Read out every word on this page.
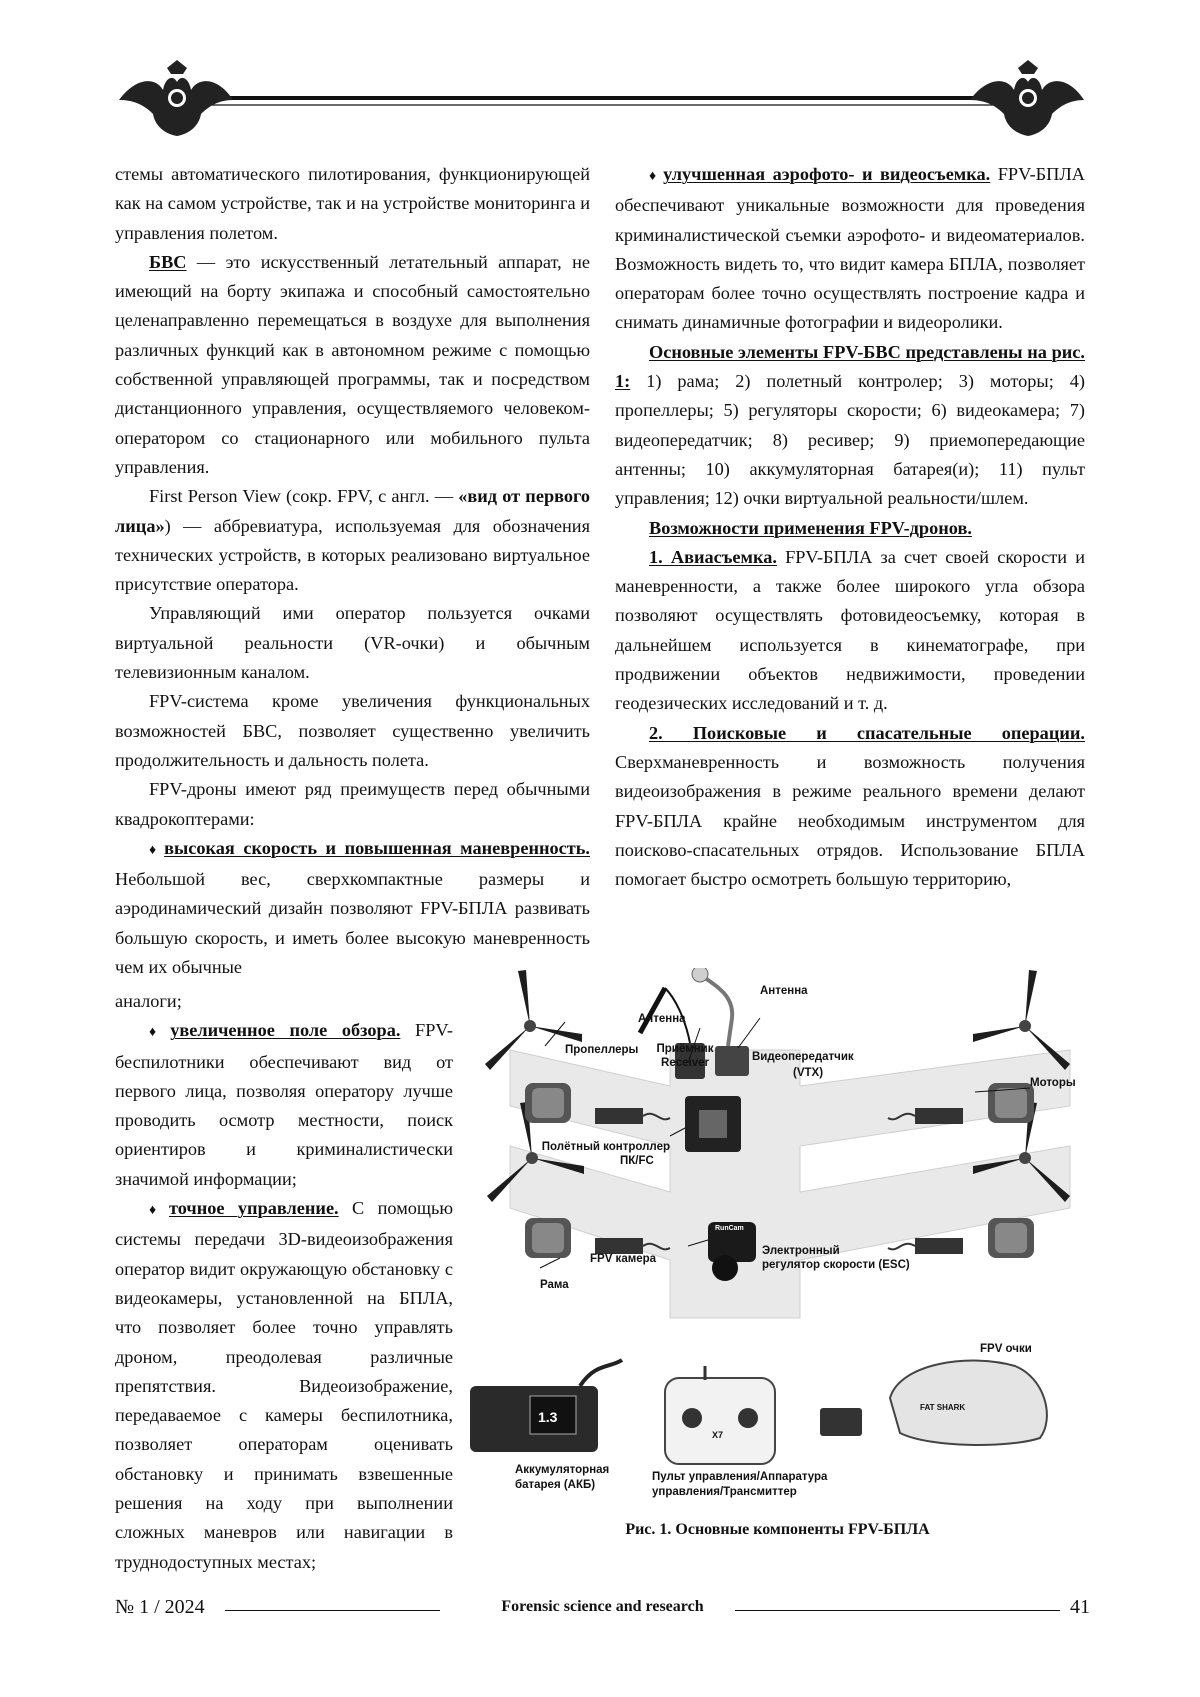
стемы автоматического пилотирования, функционирующей как на самом устройстве, так и на устройстве мониторинга и управления полетом.

БВС — это искусственный летательный аппарат, не имеющий на борту экипажа и способный самостоятельно целенаправленно перемещаться в воздухе для выполнения различных функций как в автономном режиме с помощью собственной управляющей программы, так и посредством дистанционного управления, осуществляемого человеком-оператором со стационарного или мобильного пульта управления.

First Person View (сокр. FPV, с англ. — «вид от первого лица») — аббревиатура, используемая для обозначения технических устройств, в которых реализовано виртуальное присутствие оператора.

Управляющий ими оператор пользуется очками виртуальной реальности (VR-очки) и обычным телевизионным каналом.

FPV-система кроме увеличения функциональных возможностей БВС, позволяет существенно увеличить продолжительность и дальность полета.

FPV-дроны имеют ряд преимуществ перед обычными квадрокоптерами:

♦ высокая скорость и повышенная маневренность. Небольшой вес, сверхкомпактные размеры и аэродинамический дизайн позволяют FPV-БПЛА развивать большую скорость, и иметь более высокую маневренность чем их обычные

аналоги;

♦ увеличенное поле обзора. FPV-беспилотники обеспечивают вид от первого лица, позволяя оператору лучше проводить осмотр местности, поиск ориентиров и криминалистически значимой информации;

♦ точное управление. С помощью системы передачи 3D-видеоизображения оператор видит окружающую обстановку с видеокамеры, установленной на БПЛА, что позволяет более точно управлять дроном, преодолевая различные препятствия. Видеоизображение, передаваемое с камеры беспилотника, позволяет операторам оценивать обстановку и принимать взвешенные решения на ходу при выполнении сложных маневров или навигации в труднодоступных местах;

♦ улучшенная аэрофото- и видеосъемка. FPV-БПЛА обеспечивают уникальные возможности для проведения криминалистической съемки аэрофото- и видеоматериалов. Возможность видеть то, что видит камера БПЛА, позволяет операторам более точно осуществлять построение кадра и снимать динамичные фотографии и видеоролики.

Основные элементы FPV-БВС представлены на рис. 1: 1) рама; 2) полетный контролер; 3) моторы; 4) пропеллеры; 5) регуляторы скорости; 6) видеокамера; 7) видеопередатчик; 8) ресивер; 9) приемопередающие антенны; 10) аккумуляторная батарея(и); 11) пульт управления; 12) очки виртуальной реальности/шлем.

Возможности применения FPV-дронов.

1. Авиасъемка. FPV-БПЛА за счет своей скорости и маневренности, а также более широкого угла обзора позволяют осуществлять фотовидеосъемку, которая в дальнейшем используется в кинематографе, при продвижении объектов недвижимости, проведении геодезических исследований и т. д.

2. Поисковые и спасательные операции. Сверхманевренность и возможность получения видеоизображения в режиме реального времени делают FPV-БПЛА крайне необходимым инструментом для поисково-спасательных отрядов. Использование БПЛА помогает быстро осмотреть большую территорию,

Антенна
Антенна
Пропеллеры Приёмник
Receiver	Видеопередатчик
(VTX)
Моторы
Полётный контроллер
ПК/FC
FPV камера
Электронный
регулятор скорости (ESC)
Рама
FPV очки
Аккумуляторная
батарея (АКБ)
Пульт управления/Аппаратура
управления/Трансмиттер
1.3
RunCam
X7
FAT SHARK
Рис. 1. Основные компоненты FPV-БПЛА
№ 1 / 2024	Forensic science and research	41
